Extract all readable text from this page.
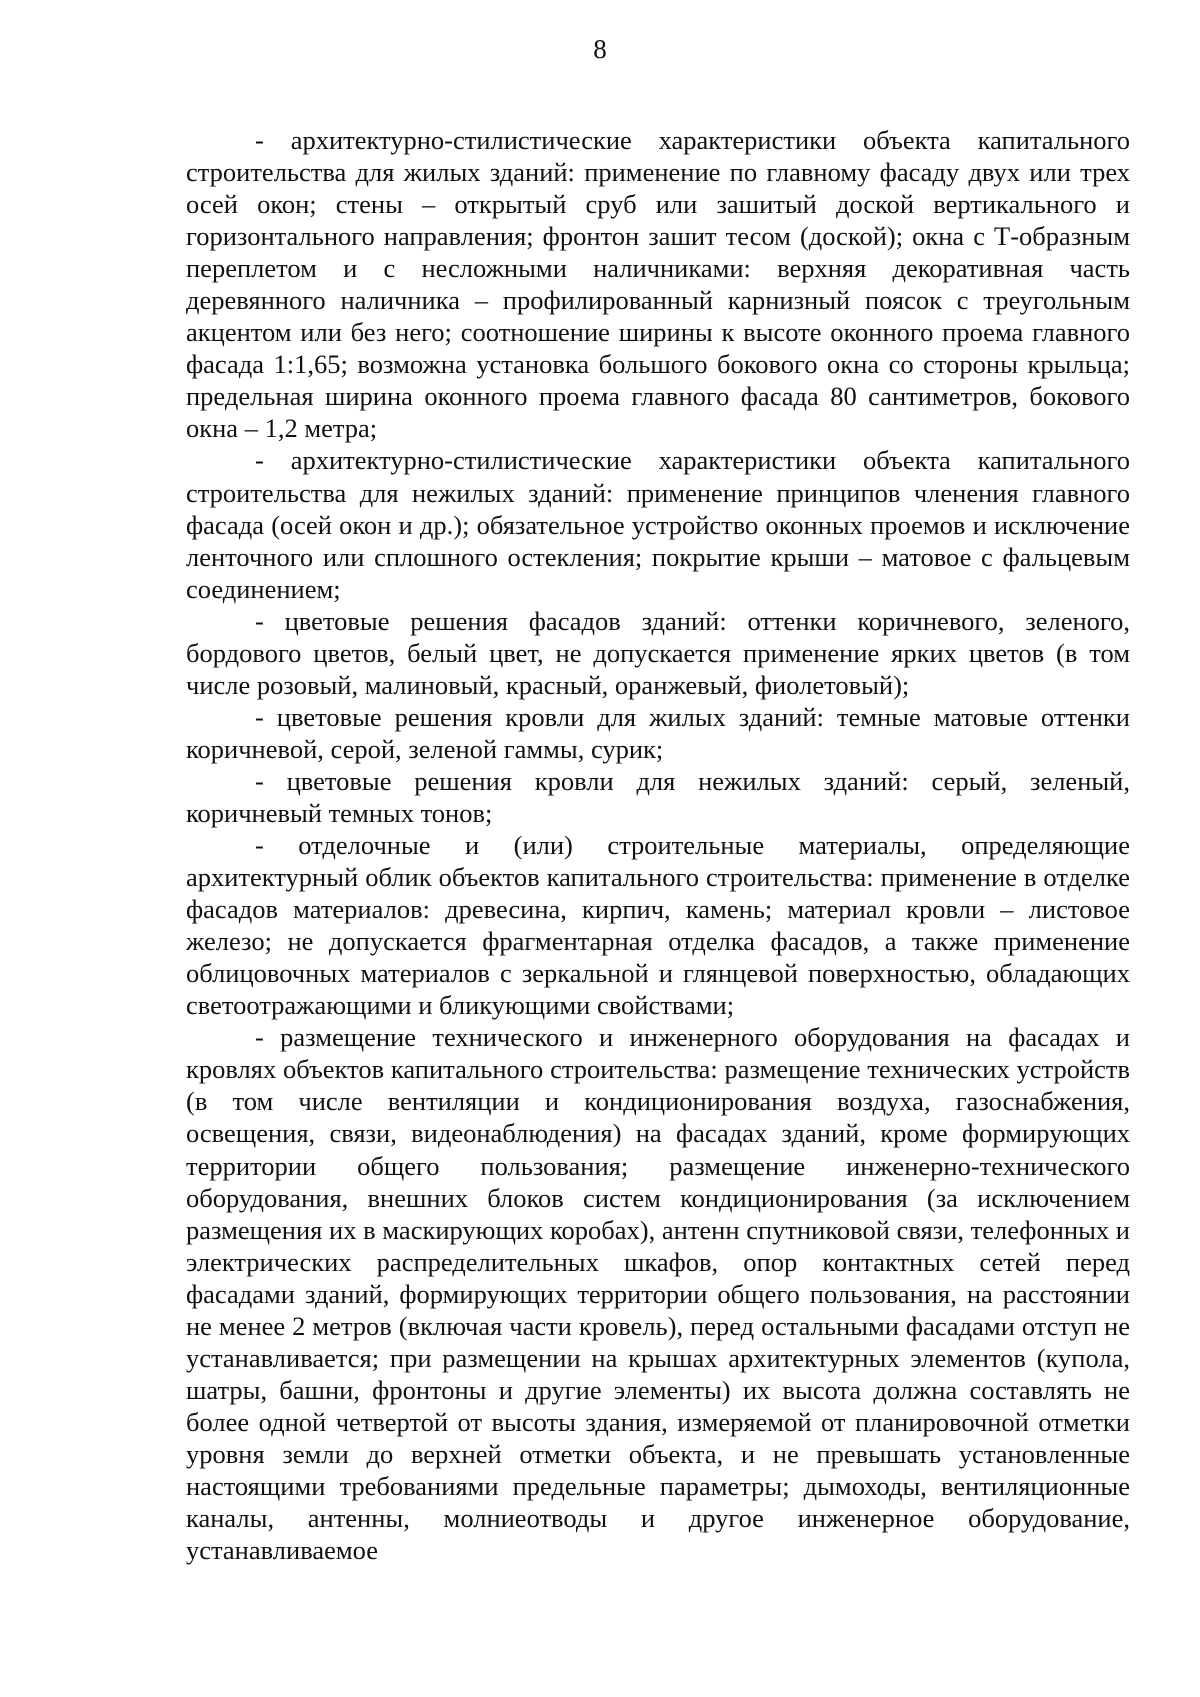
8

- архитектурно-стилистические характеристики объекта капитального строительства для жилых зданий: применение по главному фасаду двух или трех осей окон; стены – открытый сруб или зашитый доской вертикального и горизонтального направления; фронтон зашит тесом (доской); окна с Т-образным переплетом и с несложными наличниками: верхняя декоративная часть деревянного наличника – профилированный карнизный поясок с треугольным акцентом или без него; соотношение ширины к высоте оконного проема главного фасада 1:1,65; возможна установка большого бокового окна со стороны крыльца; предельная ширина оконного проема главного фасада 80 сантиметров, бокового окна – 1,2 метра;

- архитектурно-стилистические характеристики объекта капитального строительства для нежилых зданий: применение принципов членения главного фасада (осей окон и др.); обязательное устройство оконных проемов и исключение ленточного или сплошного остекления; покрытие крыши – матовое с фальцевым соединением;

- цветовые решения фасадов зданий: оттенки коричневого, зеленого, бордового цветов, белый цвет, не допускается применение ярких цветов (в том числе розовый, малиновый, красный, оранжевый, фиолетовый);

- цветовые решения кровли для жилых зданий: темные матовые оттенки коричневой, серой, зеленой гаммы, сурик;

- цветовые решения кровли для нежилых зданий: серый, зеленый, коричневый темных тонов;

- отделочные и (или) строительные материалы, определяющие архитектурный облик объектов капитального строительства: применение в отделке фасадов материалов: древесина, кирпич, камень; материал кровли – листовое железо; не допускается фрагментарная отделка фасадов, а также применение облицовочных материалов с зеркальной и глянцевой поверхностью, обладающих светоотражающими и бликующими свойствами;

- размещение технического и инженерного оборудования на фасадах и кровлях объектов капитального строительства: размещение технических устройств (в том числе вентиляции и кондиционирования воздуха, газоснабжения, освещения, связи, видеонаблюдения) на фасадах зданий, кроме формирующих территории общего пользования; размещение инженерно-технического оборудования, внешних блоков систем кондиционирования (за исключением размещения их в маскирующих коробах), антенн спутниковой связи, телефонных и электрических распределительных шкафов, опор контактных сетей перед фасадами зданий, формирующих территории общего пользования, на расстоянии не менее 2 метров (включая части кровель), перед остальными фасадами отступ не устанавливается; при размещении на крышах архитектурных элементов (купола, шатры, башни, фронтоны и другие элементы) их высота должна составлять не более одной четвертой от высоты здания, измеряемой от планировочной отметки уровня земли до верхней отметки объекта, и не превышать установленные настоящими требованиями предельные параметры; дымоходы, вентиляционные каналы, антенны, молниеотводы и другое инженерное оборудование, устанавливаемое
